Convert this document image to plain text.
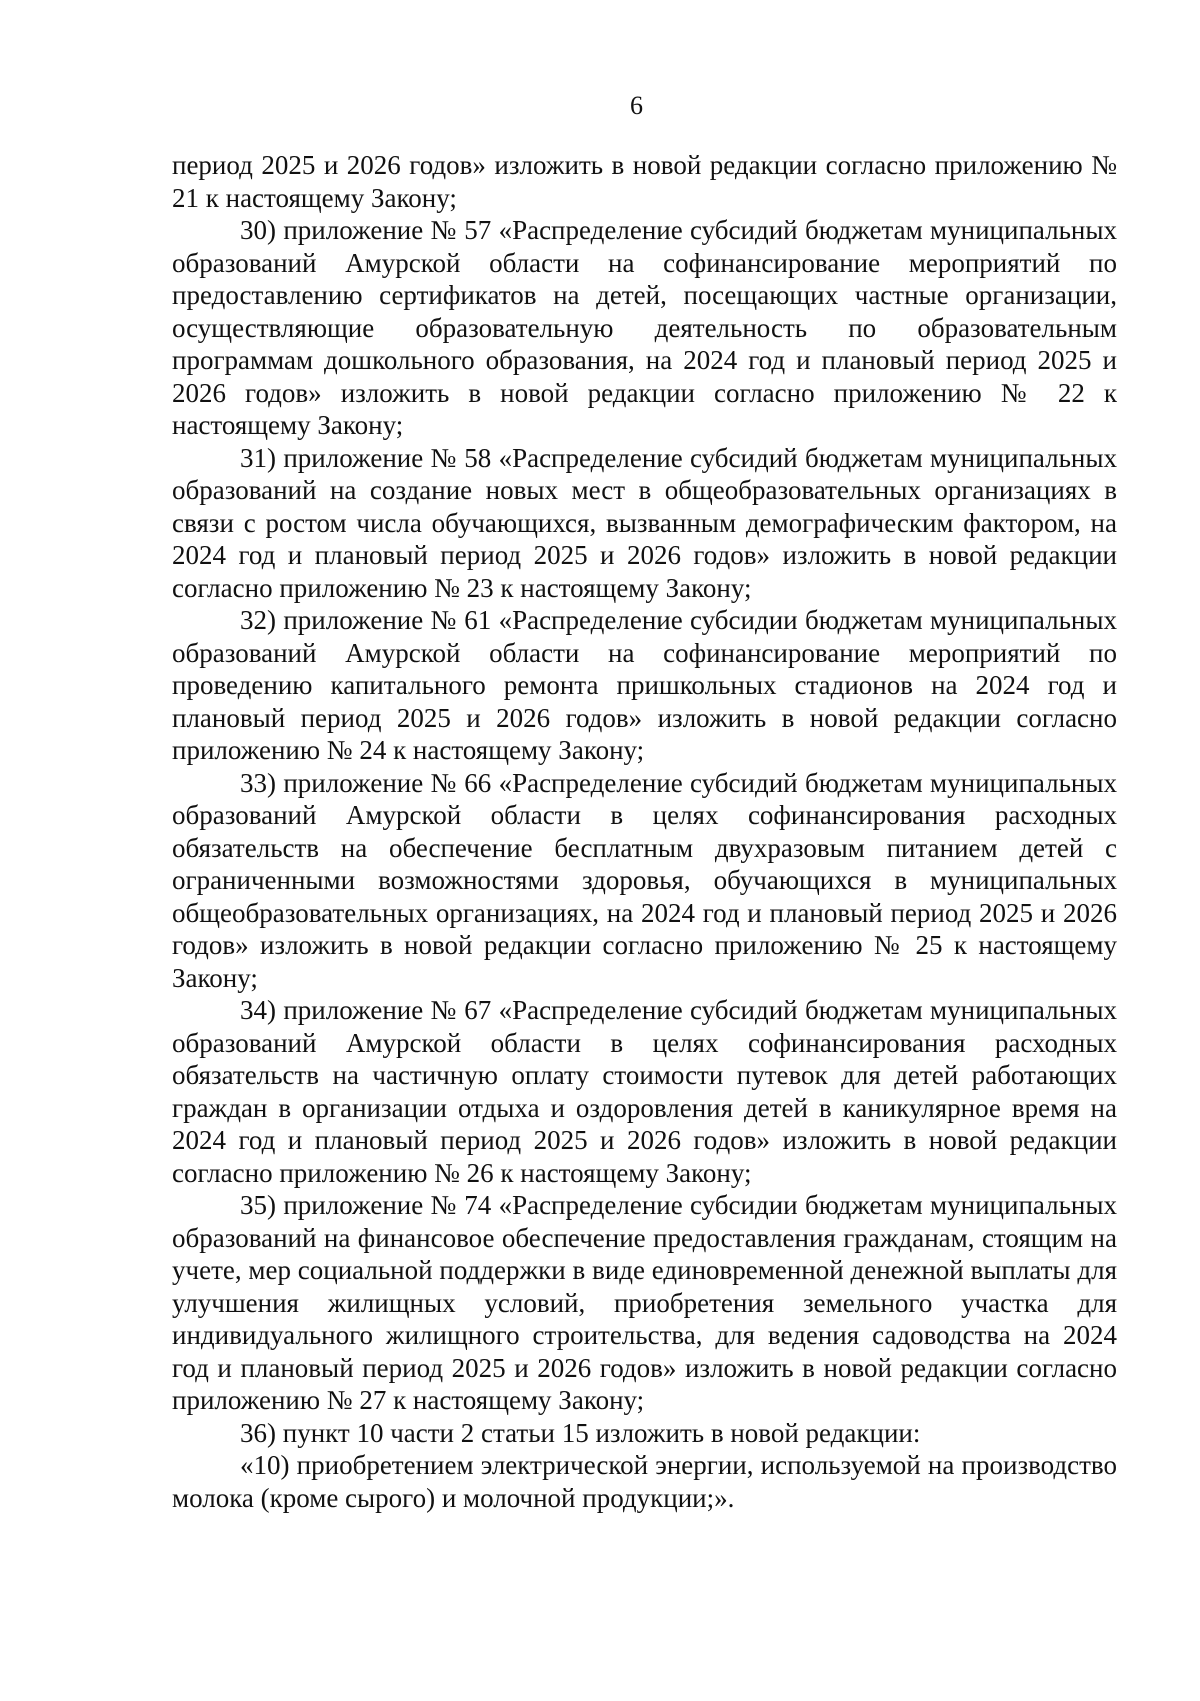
6

период 2025 и 2026 годов» изложить в новой редакции согласно приложению № 21 к настоящему Закону;

30) приложение № 57 «Распределение субсидий бюджетам муниципальных образований Амурской области на софинансирование мероприятий по предоставлению сертификатов на детей, посещающих частные организации, осуществляющие образовательную деятельность по образовательным программам дошкольного образования, на 2024 год и плановый период 2025 и 2026 годов» изложить в новой редакции согласно приложению № 22 к настоящему Закону;

31) приложение № 58 «Распределение субсидий бюджетам муниципальных образований на создание новых мест в общеобразовательных организациях в связи с ростом числа обучающихся, вызванным демографическим фактором, на 2024 год и плановый период 2025 и 2026 годов» изложить в новой редакции согласно приложению № 23 к настоящему Закону;

32) приложение № 61 «Распределение субсидии бюджетам муниципальных образований Амурской области на софинансирование мероприятий по проведению капитального ремонта пришкольных стадионов на 2024 год и плановый период 2025 и 2026 годов» изложить в новой редакции согласно приложению № 24 к настоящему Закону;

33) приложение № 66 «Распределение субсидий бюджетам муниципальных образований Амурской области в целях софинансирования расходных обязательств на обеспечение бесплатным двухразовым питанием детей с ограниченными возможностями здоровья, обучающихся в муниципальных общеобразовательных организациях, на 2024 год и плановый период 2025 и 2026 годов» изложить в новой редакции согласно приложению № 25 к настоящему Закону;

34) приложение № 67 «Распределение субсидий бюджетам муниципальных образований Амурской области в целях софинансирования расходных обязательств на частичную оплату стоимости путевок для детей работающих граждан в организации отдыха и оздоровления детей в каникулярное время на 2024 год и плановый период 2025 и 2026 годов» изложить в новой редакции согласно приложению № 26 к настоящему Закону;

35) приложение № 74 «Распределение субсидии бюджетам муниципальных образований на финансовое обеспечение предоставления гражданам, стоящим на учете, мер социальной поддержки в виде единовременной денежной выплаты для улучшения жилищных условий, приобретения земельного участка для индивидуального жилищного строительства, для ведения садоводства на 2024 год и плановый период 2025 и 2026 годов» изложить в новой редакции согласно приложению № 27 к настоящему Закону;

36) пункт 10 части 2 статьи 15 изложить в новой редакции:

«10) приобретением электрической энергии, используемой на производство молока (кроме сырого) и молочной продукции;».
